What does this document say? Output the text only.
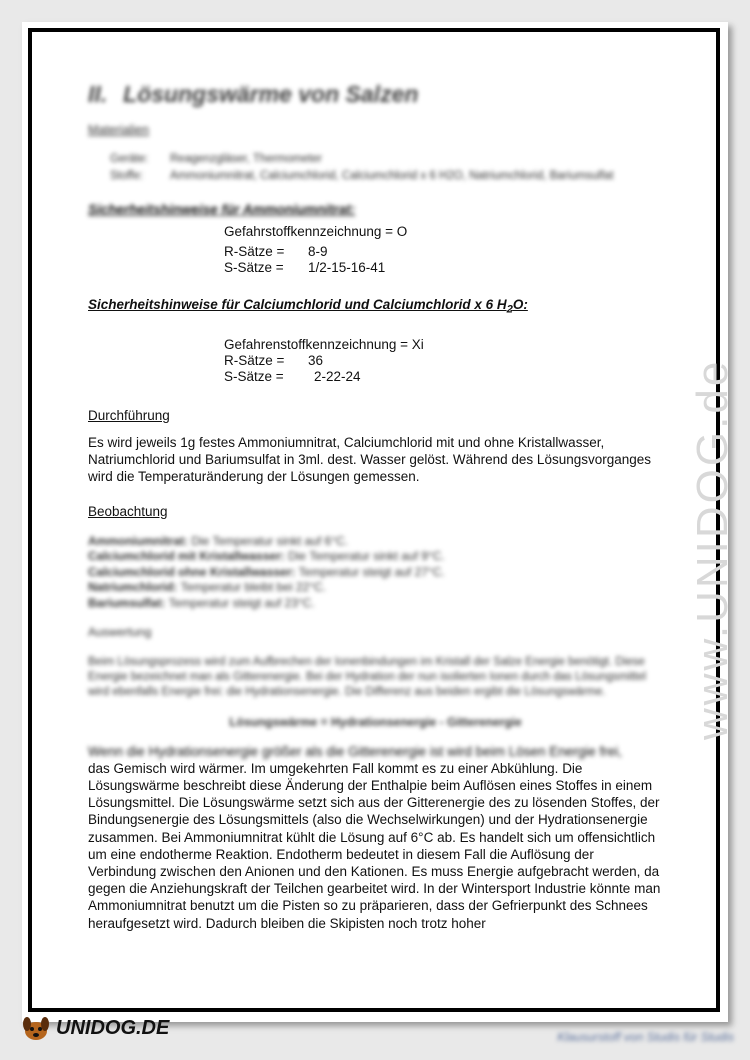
www.UNIDOG.de
II. Lösungswärme von Salzen
Materialien
Geräte:	Reagenzgläser, Thermometer
Stoffe:	Ammoniumnitrat, Calciumchlorid, Calciumchlorid x 6 H2O, Natriumchlorid, Bariumsulfat
Sicherheitshinweise für Ammoniumnitrat:
Gefahrstoffkennzeichnung = O
R-Sätze =	8-9
S-Sätze =	1/2-15-16-41
Sicherheitshinweise für Calciumchlorid und Calciumchlorid x 6 $H_2O$:
Gefahrenstoffkennzeichnung = Xi
R-Sätze =	36
S-Sätze =	2-22-24

Durchführung

Es wird jeweils 1g festes Ammoniumnitrat, Calciumchlorid mit und ohne Kristallwasser, Natriumchlorid und Bariumsulfat in 3ml. dest. Wasser gelöst. Während des Lösungsvorganges wird die Temperaturänderung der Lösungen gemessen.

Beobachtung

Ammoniumnitrat: Die Temperatur sinkt auf 6°C.
Calciumchlorid mit Kristallwasser: Die Temperatur sinkt auf 9°C.
Calciumchlorid ohne Kristallwasser: Temperatur steigt auf 27°C.
Natriumchlorid: Temperatur bleibt bei 22°C.
Bariumsulfat: Temperatur steigt auf 23°C.

Auswertung

Beim Lösungsprozess wird zum Aufbrechen der Ionenbindungen im Kristall der Salze Energie benötigt. Diese Energie bezeichnet man als Gitterenergie. Bei der Hydration der nun isolierten Ionen durch das Lösungsmittel wird ebenfalls Energie frei: die Hydrationsenergie. Die Differenz aus beiden ergibt die Lösungswärme.

Lösungswärme = Hydrationsenergie - Gitterenergie

Wenn die Hydrationsenergie größer als die Gitterenergie ist wird beim Lösen Energie frei,

das Gemisch wird wärmer. Im umgekehrten Fall kommt es zu einer Abkühlung. Die Lösungswärme beschreibt diese Änderung der Enthalpie beim Auflösen eines Stoffes in einem Lösungsmittel. Die Lösungswärme setzt sich aus der Gitterenergie des zu lösenden Stoffes, der Bindungsenergie des Lösungsmittels (also die Wechselwirkungen) und der Hydrationsenergie zusammen. Bei Ammoniumnitrat kühlt die Lösung auf 6°C ab. Es handelt sich um offensichtlich um eine endotherme Reaktion. Endotherm bedeutet in diesem Fall die Auflösung der Verbindung zwischen den Anionen und den Kationen. Es muss Energie aufgebracht werden, da gegen die Anziehungskraft der Teilchen gearbeitet wird. In der Wintersport Industrie könnte man Ammoniumnitrat benutzt um die Pisten so zu präparieren, dass der Gefrierpunkt des Schnees heraufgesetzt wird. Dadurch bleiben die Skipisten noch trotz hoher

UNIDOG.DE	Klausurstoff von Studis für Studis
